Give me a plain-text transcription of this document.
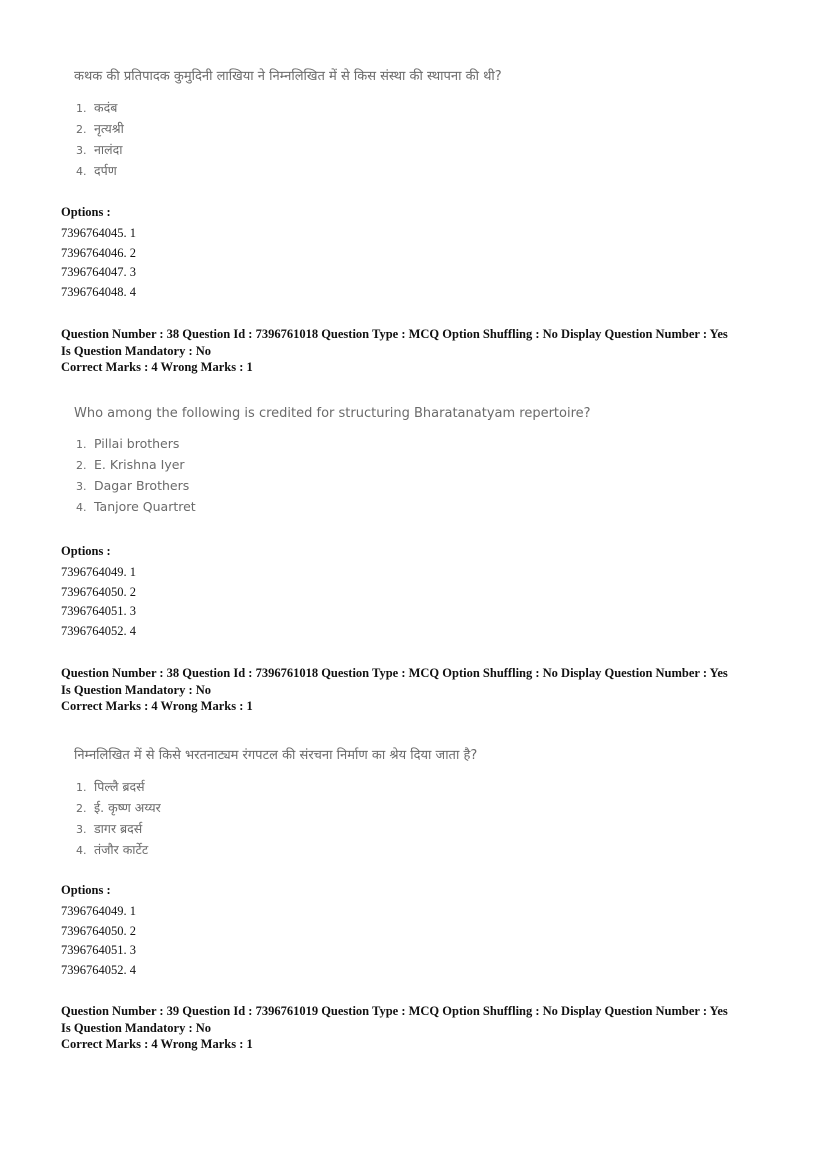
कथक की प्रतिपादक कुमुदिनी लाखिया ने निम्नलिखित में से किस संस्था की स्थापना की थी?
1. कदंब
2. नृत्यश्री
3. नालंदा
4. दर्पण
Options :
7396764045. 1
7396764046. 2
7396764047. 3
7396764048. 4
Question Number : 38 Question Id : 7396761018 Question Type : MCQ Option Shuffling : No Display Question Number : Yes
Is Question Mandatory : No
Correct Marks : 4 Wrong Marks : 1
Who among the following is credited for structuring Bharatanatyam repertoire?
1. Pillai brothers
2. E. Krishna Iyer
3. Dagar Brothers
4. Tanjore Quartret
Options :
7396764049. 1
7396764050. 2
7396764051. 3
7396764052. 4
Question Number : 38 Question Id : 7396761018 Question Type : MCQ Option Shuffling : No Display Question Number : Yes
Is Question Mandatory : No
Correct Marks : 4 Wrong Marks : 1
निम्नलिखित में से किसे भरतनाट्यम रंगपटल की संरचना निर्माण का श्रेय दिया जाता है?
1. पिल्लै ब्रदर्स
2. ई. कृष्ण अय्यर
3. डागर ब्रदर्स
4. तंजौर कार्टेट
Options :
7396764049. 1
7396764050. 2
7396764051. 3
7396764052. 4
Question Number : 39 Question Id : 7396761019 Question Type : MCQ Option Shuffling : No Display Question Number : Yes
Is Question Mandatory : No
Correct Marks : 4 Wrong Marks : 1
